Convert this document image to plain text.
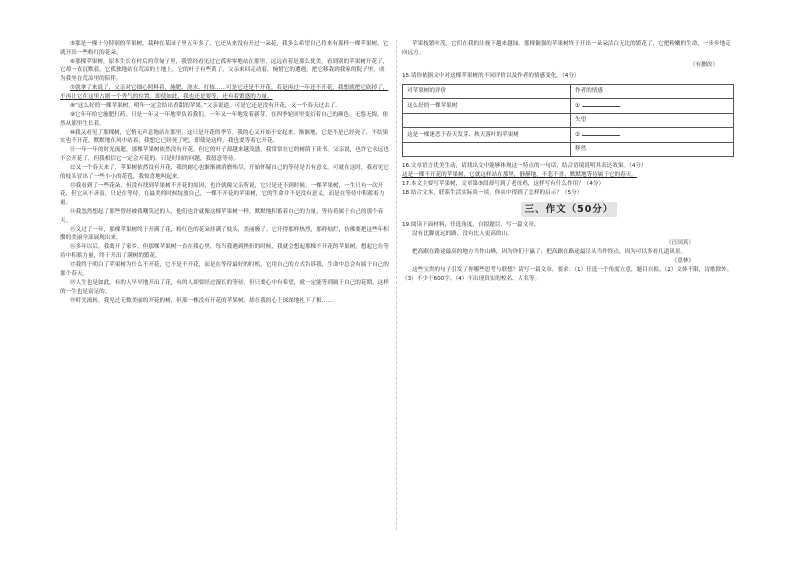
⑤那是一棵十分特别的苹果树，栽种在某园子里五年多了，它还从来没有开过一朵花，我多么希望自己将来有那样一棵苹果树，它就开出一些粉红的花朵。

⑥那棵苹果树，原本生长在村后的草甸子里，我曾经看见过它孤零零地站在那里，远远看着是那么优美。看到别的苹果树开花了，它却一直沉默着。它孤独地站在荒凉的土地上，它的叶子有些黄了，父亲来回走动着，惋惜它的遭遇，把它移栽到我家的院子里，成为我坐在荒凉里的陪伴。

⑦就拿了来说了，父亲对它细心照料着，施肥、浇水、打枝……可是它还是不开花。若是再过一年还不开花，我想就把它砍掉了，不再让它在这里占据一个秀气的位置。即使如此，我也还是要等，还有着繁盛的力量。

⑧“这么好的一棵苹果树，明年一定会结出香甜的苹果。”父亲说道。可是它还是没有开花，又一个春天过去了。

⑨它年年给它施肥打药，只是一年又一年地辜负着我们。一年又一年地发着新芽，在四季轮回里变幻着自己的颜色，无怨无悔，依然从那里生长着。

⑩我又看见了那棵树，它悄无声息地站在那里，这只是开花的季节。我的心又开始不安起来，渐渐地，它是不是已经死了，不结果实也不开花，默默地在风中站着，我想它已经死了吧，即使是这样，我也要等着它开花。

⑪一年一年的时光流逝，那棵苹果树依然没有开花，但它的叶子却越来越茂盛，我常常在它的树荫下读书。父亲说，也许它永远也不会开花了，但我相信它一定会开花的，只是时间的问题，我愿意等待。

⑫又一个春天来了，苹果树依然没有开花，我的耐心也渐渐被消磨殆尽，开始怀疑自己的等待是否有意义。可就在这时，我看见它的枝头冒出了一些小小的花苞，我惊喜地叫起来。

⑬我看到了一些花朵，但没有找到苹果树不开花的原因，也许就像父亲所说，它只是还不到时候。一棵苹果树，一生只有一次开花，但它从不吝啬，只是在等待，在最美的时候绽放自己，一棵不开花的苹果树，它的生命并不是没有意义，而是在等待中积蓄着力量。

⑭我忽然想起了那些曾经被我嘲笑过的人，他们也许就像这棵苹果树一样，默默地积蓄着自己的力量，等待着属于自己的那个春天。

⑮又过了一年，那棵苹果树终于开满了花，粉红色的花朵挂满了枝头，美丽极了。它开得那样热烈，那样灿烂，仿佛要把这些年积攒的美丽全部展现出来。

⑯多年以后，我离开了家乡，但那棵苹果树一直在我心里，每当我遇到挫折的时候，我就会想起那棵不开花的苹果树，想起它在等待中积蓄力量，终于开出了满树的繁花。

⑰我终于明白了苹果树为什么不开花，它不是不开花，而是在等待最好的时机，它用自己的方式告诉我，生命中总会有属于自己的那个春天。

⑱人生也是如此，有的人早早地开出了花，有的人却要经过漫长的等待，但只要心中有希望，就一定能等到属于自己的花期，这样的一生也是富足的。

⑲时光流转，我见过无数美丽的开花的树，但那一株没有开花的苹果树，却在我的心上深深地扎下了根……

苹果枝繁叶茂，它们在我的注视下越来越绿。那棵倔强的苹果树终于开出一朵朵洁白无比的繁花了，它把粉嫩的生命，一步步地走向远方。

（有删改）

15.请你依据文中对这棵苹果树的不同评价以及作者的情感变化。（4分）

对苹果树的评价	作者的情感
这么好的一棵苹果树	①
	失望
这是一棵迷恋于春天发芽、秋天落叶的苹果树	②
	释然

16.文章语言优美生动，请找出文中能够体现这一特点的一句话，结合语境说明其表达效果。（4分）

这是一棵不开花的苹果树，它就这样站在那里，静静地，不悲不喜，默默地等待属于它的春天。

17.本文主要写苹果树，文章第⑤段却写到了老母鸡，这样写有什么作用？（4分）

18.结合文本，联系生活实际谈一谈，你从中得到了怎样的启示？（5分）

三、作文（50分）

19.阅读下面材料，任选角度，自拟题目，写一篇文章。

没有比脚更远的路，没有比人更高的山。

（汪国真）

把高踞在路途最高的地方当作山峰，因为你们干赢了；把高踞在路途最尽头当作终点，因为可以多看几道风景。

《意林》

这些宝贵的句子引发了你哪些思考与联想？请写一篇文章。要求：（1）任选一个角度立意，题目自拟。（2）文体不限，诗歌除外。（3）不少于600字。（4）不出现真实的校名、人名等。
